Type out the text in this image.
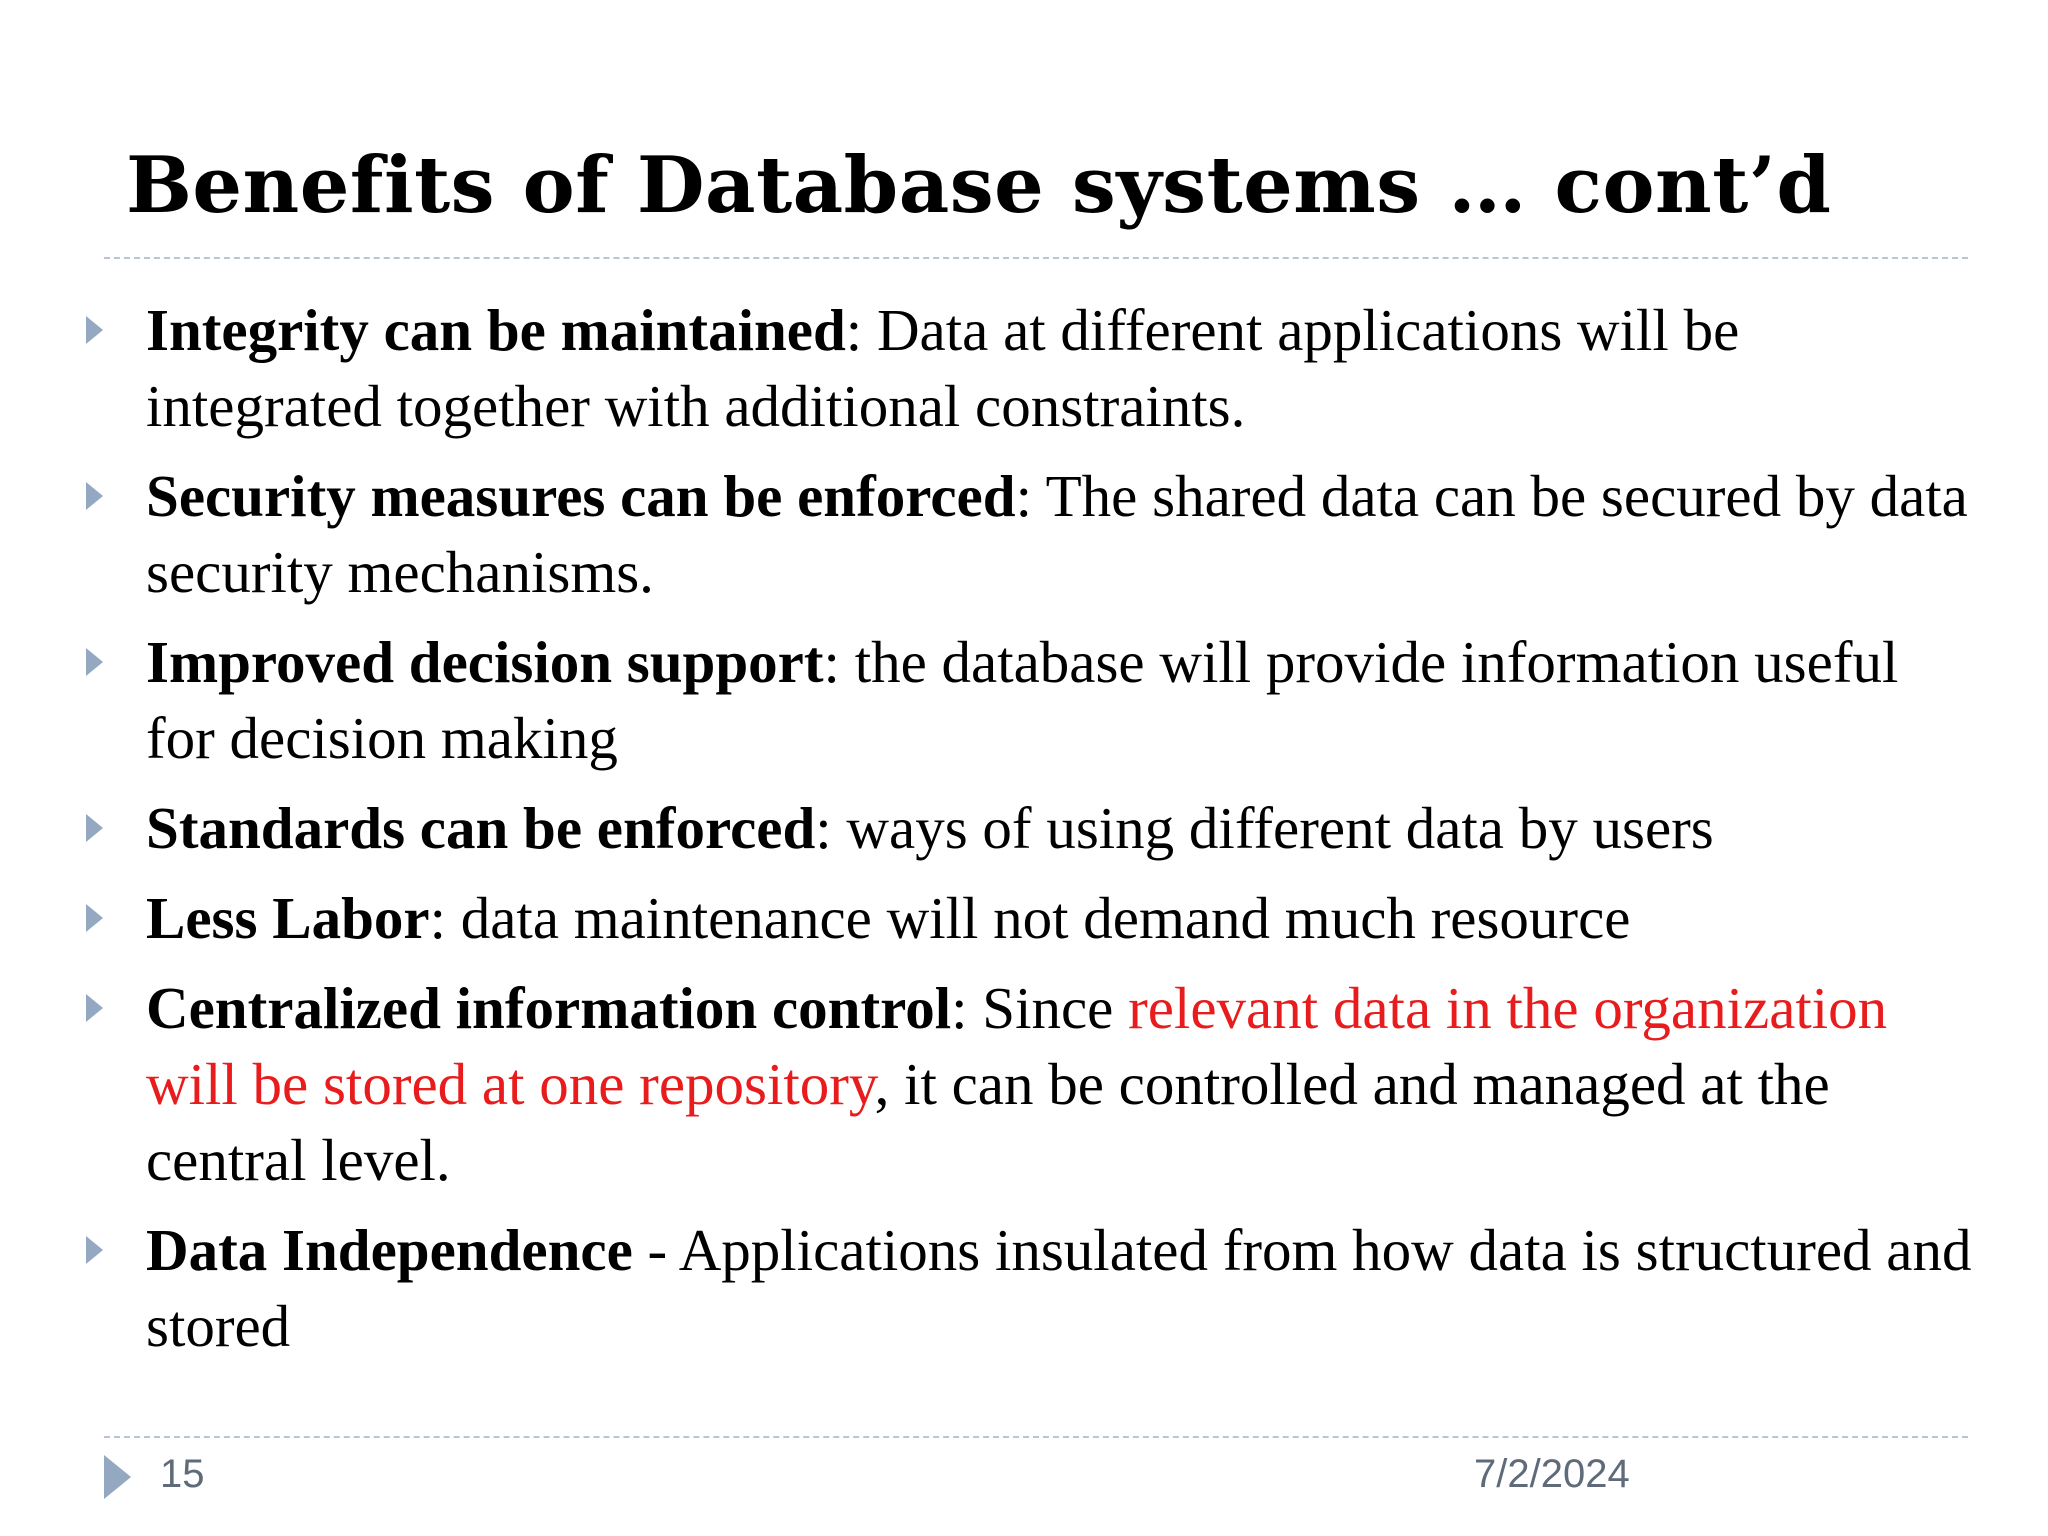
Benefits of Database systems … cont’d
Integrity can be maintained: Data at different applications will be integrated together with additional constraints.
Security measures can be enforced: The shared data can be secured by data security mechanisms.
Improved decision support: the database will provide information useful for decision making
Standards can be enforced: ways of using different data by users
Less Labor: data maintenance will not demand much resource
Centralized information control: Since relevant data in the organization will be stored at one repository, it can be controlled and managed at the central level.
Data Independence - Applications insulated from how data is structured and stored
15	7/2/2024
